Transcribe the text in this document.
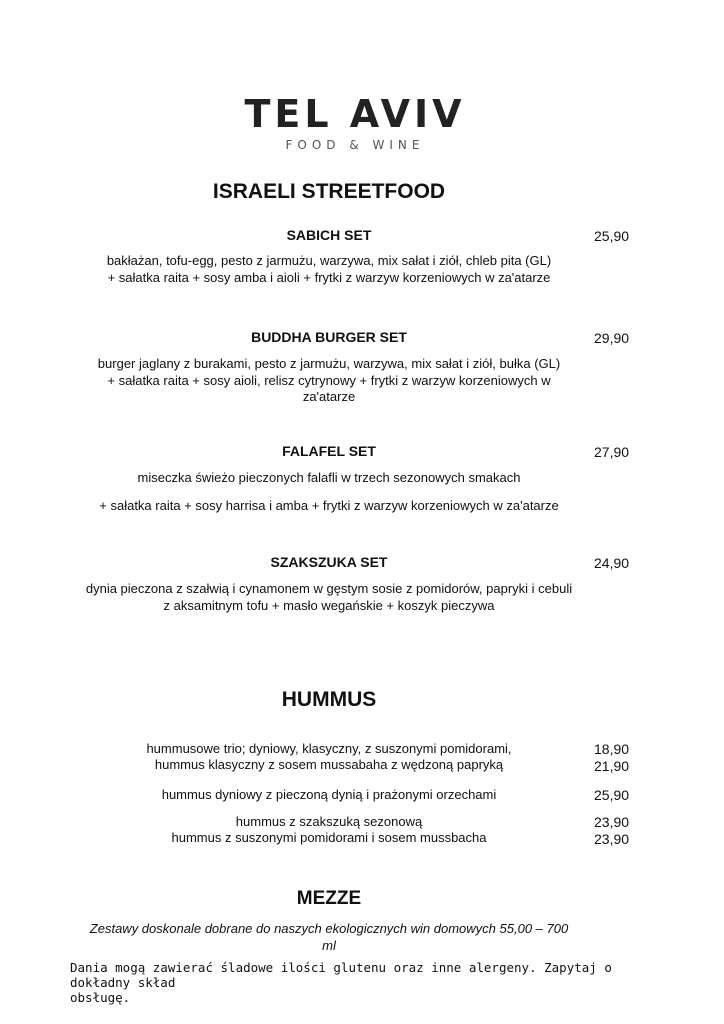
TEL AVIV
FOOD & WINE
ISRAELI STREETFOOD
SABICH SET	25,90
bakłażan, tofu-egg, pesto z jarmużu, warzywa, mix sałat i ziół, chleb pita (GL)
+ sałatka raita + sosy amba i aioli + frytki z warzyw korzeniowych w za'atarze
BUDDHA BURGER SET	29,90
burger jaglany z burakami, pesto z jarmużu, warzywa, mix sałat i ziół, bułka (GL)
+ sałatka raita + sosy aioli, relisz cytrynowy + frytki z warzyw korzeniowych w
za'atarze
FALAFEL SET	27,90
miseczka świeżo pieczonych falafli w trzech sezonowych smakach
+ sałatka raita + sosy harrisa i amba + frytki z warzyw korzeniowych w za'atarze
SZAKSZUKA SET	24,90
dynia pieczona z szałwią i cynamonem w gęstym sosie z pomidorów, papryki i cebuli
z aksamitnym tofu + masło wegańskie + koszyk pieczywa
HUMMUS
hummusowe trio; dyniowy, klasyczny, z suszonymi pomidorami,	18,90
hummus klasyczny z sosem mussabaha z wędzoną papryką	21,90
hummus dyniowy z pieczoną dynią i prażonymi orzechami	25,90
hummus z szakszuką sezonową	23,90
hummus z suszonymi pomidorami i sosem mussbacha	23,90
MEZZE
Zestawy doskonale dobrane do naszych ekologicznych win domowych 55,00 – 700
ml
Dania mogą zawierać śladowe ilości glutenu oraz inne alergeny. Zapytaj o dokładny skład
obsługę.
